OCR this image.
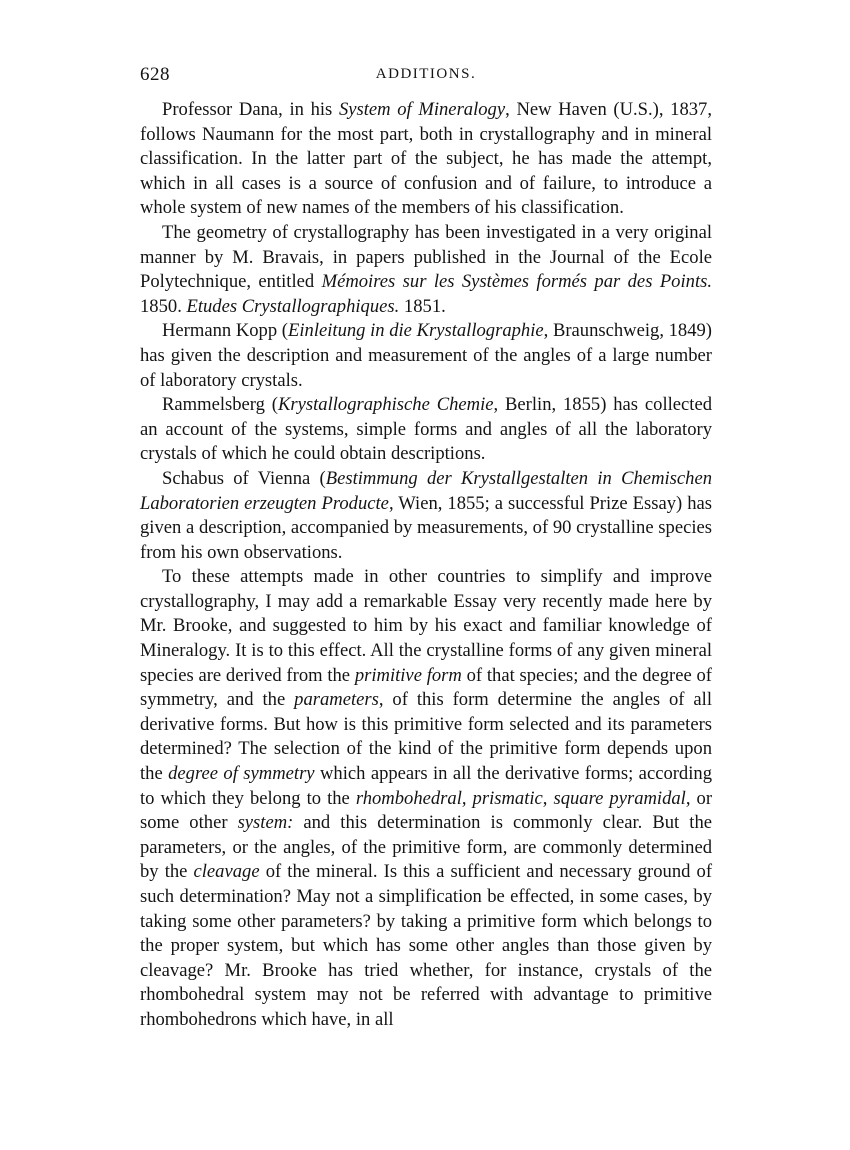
628	ADDITIONS.

Professor Dana, in his System of Mineralogy, New Haven (U.S.), 1837, follows Naumann for the most part, both in crystallography and in mineral classification. In the latter part of the subject, he has made the attempt, which in all cases is a source of confusion and of failure, to introduce a whole system of new names of the members of his classification.

The geometry of crystallography has been investigated in a very original manner by M. Bravais, in papers published in the Journal of the Ecole Polytechnique, entitled Mémoires sur les Systèmes formés par des Points. 1850. Etudes Crystallographiques. 1851.

Hermann Kopp (Einleitung in die Krystallographie, Braunschweig, 1849) has given the description and measurement of the angles of a large number of laboratory crystals.

Rammelsberg (Krystallographische Chemie, Berlin, 1855) has collected an account of the systems, simple forms and angles of all the laboratory crystals of which he could obtain descriptions.

Schabus of Vienna (Bestimmung der Krystallgestalten in Chemischen Laboratorien erzeugten Producte, Wien, 1855; a successful Prize Essay) has given a description, accompanied by measurements, of 90 crystalline species from his own observations.

To these attempts made in other countries to simplify and improve crystallography, I may add a remarkable Essay very recently made here by Mr. Brooke, and suggested to him by his exact and familiar knowledge of Mineralogy. It is to this effect. All the crystalline forms of any given mineral species are derived from the primitive form of that species; and the degree of symmetry, and the parameters, of this form determine the angles of all derivative forms. But how is this primitive form selected and its parameters determined? The selection of the kind of the primitive form depends upon the degree of symmetry which appears in all the derivative forms; according to which they belong to the rhombohedral, prismatic, square pyramidal, or some other system: and this determination is commonly clear. But the parameters, or the angles, of the primitive form, are commonly determined by the cleavage of the mineral. Is this a sufficient and necessary ground of such determination? May not a simplification be effected, in some cases, by taking some other parameters? by taking a primitive form which belongs to the proper system, but which has some other angles than those given by cleavage? Mr. Brooke has tried whether, for instance, crystals of the rhombohedral system may not be referred with advantage to primitive rhombohedrons which have, in all
